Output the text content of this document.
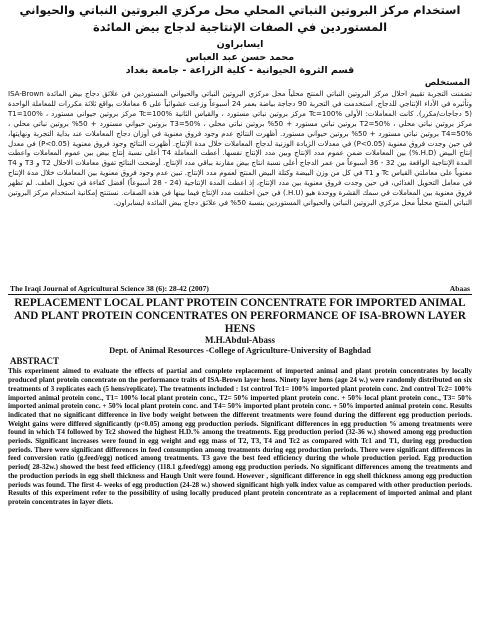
استخدام مركز البروتين النباتي المحلي محل مركزي البروتين النباتي والحيواني
المستوردين في الصفات الإنتاجية لدجاج بيض المائدة
ايسابراون
محمد حسن عبد العباس
قسم الثروة الحيوانية - كلية الزراعة - جامعة بغداد
المستخلص
تضمنت التجربة تقييم احلال مركز البروتين النباتي المنتج محلياً محل مركزي البروتين النباتي والحيواني المستوردين في علائق دجاج بيض المائدة ISA-Brown وتأثيره في الأداء الإنتاجي للدجاج. استخدمت في التجربة 90 دجاجة بياضة بعمر 24 أسبوعاً وزعت عشوائياً على 6 معاملات بواقع ثلاثة مكررات للمعاملة الواحدة (5 دجاجات/مكرر). كانت المعاملات: الأولى Tc=100% مركز بروتين نباتي مستورد ، والقياس الثانية Tc=100% مركز بروتين حيواني مستورد ، T1=100% مركز بروتين نباتي محلي ، T2=50% بروتين نباتي مستورد + 50% بروتين نباتي محلي ، T3=50% بروتين حيواني مستورد + 50% بروتين نباتي محلي ، T4=50% بروتين نباتي مستورد + 50% بروتين حيواني مستورد. أظهرت النتائج عدم وجود فروق معنوية في أوزان دجاج المعاملات عند بداية التجربة ونهايتها، في حين وجدت فروق معنوية (P<0.05) في معدلات الزيادة الوزنية لدجاج المعاملات خلال مدة الإنتاج. أظهرت النتائج وجود فروق معنوية (P<0.05) في معدل إنتاج البيض (H.D.%) بين المعاملات ضمن عموم مدد الإنتاج وبين مدد الإنتاج نفسها. أعطت المعاملة T4 أعلى نسبة إنتاج بيض بين عموم المعاملات واعطت المدة الإنتاجية الواقعة بين 32 - 36 أسبوعاً من عمر الدجاج أعلى نسبة انتاج بيض مقارنة بباقي مدد الإنتاج. أوضحت النتائج تفوق معاملات الاحلال T2 و T3 و T4 معنوياً على معاملتي القياس Tc و T1 في كل من وزن البيضة وكتلة البيض المنتج لعموم مدد الإنتاج. تبين عدم وجود فروق معنوية بين المعاملات خلال مدة الإنتاج في معامل التحويل الغذائي، في حين وجدت فروق معنوية بين مدد الإنتاج، إذ اعطت المدة الإنتاجية (24 - 28 أسبوعاً) أفضل كفاءة في تحويل العلف. لم تظهر فروق معنوية بين المعاملات في سمك القشرة ووحدة هيو (H.U.) في حين اختلفت مدد الإنتاج فيما بينها في هذه الصفات. نستنتج إمكانية استخدام مركز البروتين النباتي المنتج محلياً محل مركزي البروتين النباتي والحيواني المستوردين بنسبة 50% في علائق دجاج بيض المائدة ايسابراون.
The Iraqi Journal of Agricultural Science 38 (6): 28-42 (2007)	Abaas
REPLACEMENT LOCAL PLANT PROTEIN CONCENTRATE FOR IMPORTED ANIMAL AND PLANT PROTEIN CONCENTRATES ON PERFORMANCE OF ISA-BROWN LAYER HENS
M.H.Abdul-Abass
Dept. of Animal Resources -College of Agriculture-University of Baghdad
ABSTRACT
This experiment aimed to evaluate the effects of partial and complete replacement of imported animal and plant protein concentrates by locally produced plant protein concentrate on the performance traits of ISA-Brown layer hens. Ninety layer hens (age 24 w.) were randomly distributed on six treatments of 3 replicates each (5 hens/replicate). The treatments included : 1st control Tc1= 100% imported plant protein conc. 2nd control Tc2= 100% imported animal protein conc., T1= 100% local plant protein conc., T2= 50% imported plant protein conc. + 50% local plant protein conc., T3= 50% imported animal protein conc. + 50% local plant protein conc. and T4= 50% imported plant protein conc. + 50% imported animal protein conc. Results indicated that no significant difference in live body weight between the different treatments were found during the different egg production periods. Weight gains were differed significantly (p<0.05) among egg production periods. Significant differences in egg production % among treatments were found in which T4 followed by Tc2 showed the highest H.D.% among the treatments. Egg production period (32-36 w.) showed among egg production periods. Significant increases were found in egg weight and egg mass of T2, T3, T4 and Tc2 as compared with Tc1 and T1, during egg production periods. There were significant differences in feed consumption among treatments during egg production periods. There were significant differences in feed conversion ratio (g.feed/egg) noticed among treatments. T3 gave the best feed efficiency during the whole production period. Egg production period( 28-32w.) showed the best feed efficiency (118.1 g.feed/egg) among egg production periods. No significant differences among the treatments and the production periods in egg shell thickness and Haugh Unit were found. However , significant difference in egg shell thickness among egg production periods was found. The first 4- weeks of egg production (24-28 w.) showed significant high yolk index value as compared with other production periods. Results of this experiment refer to the possibility of using locally produced plant protein concentrate as a replacement of imported animal and plant protein concentrates in layer diets.
